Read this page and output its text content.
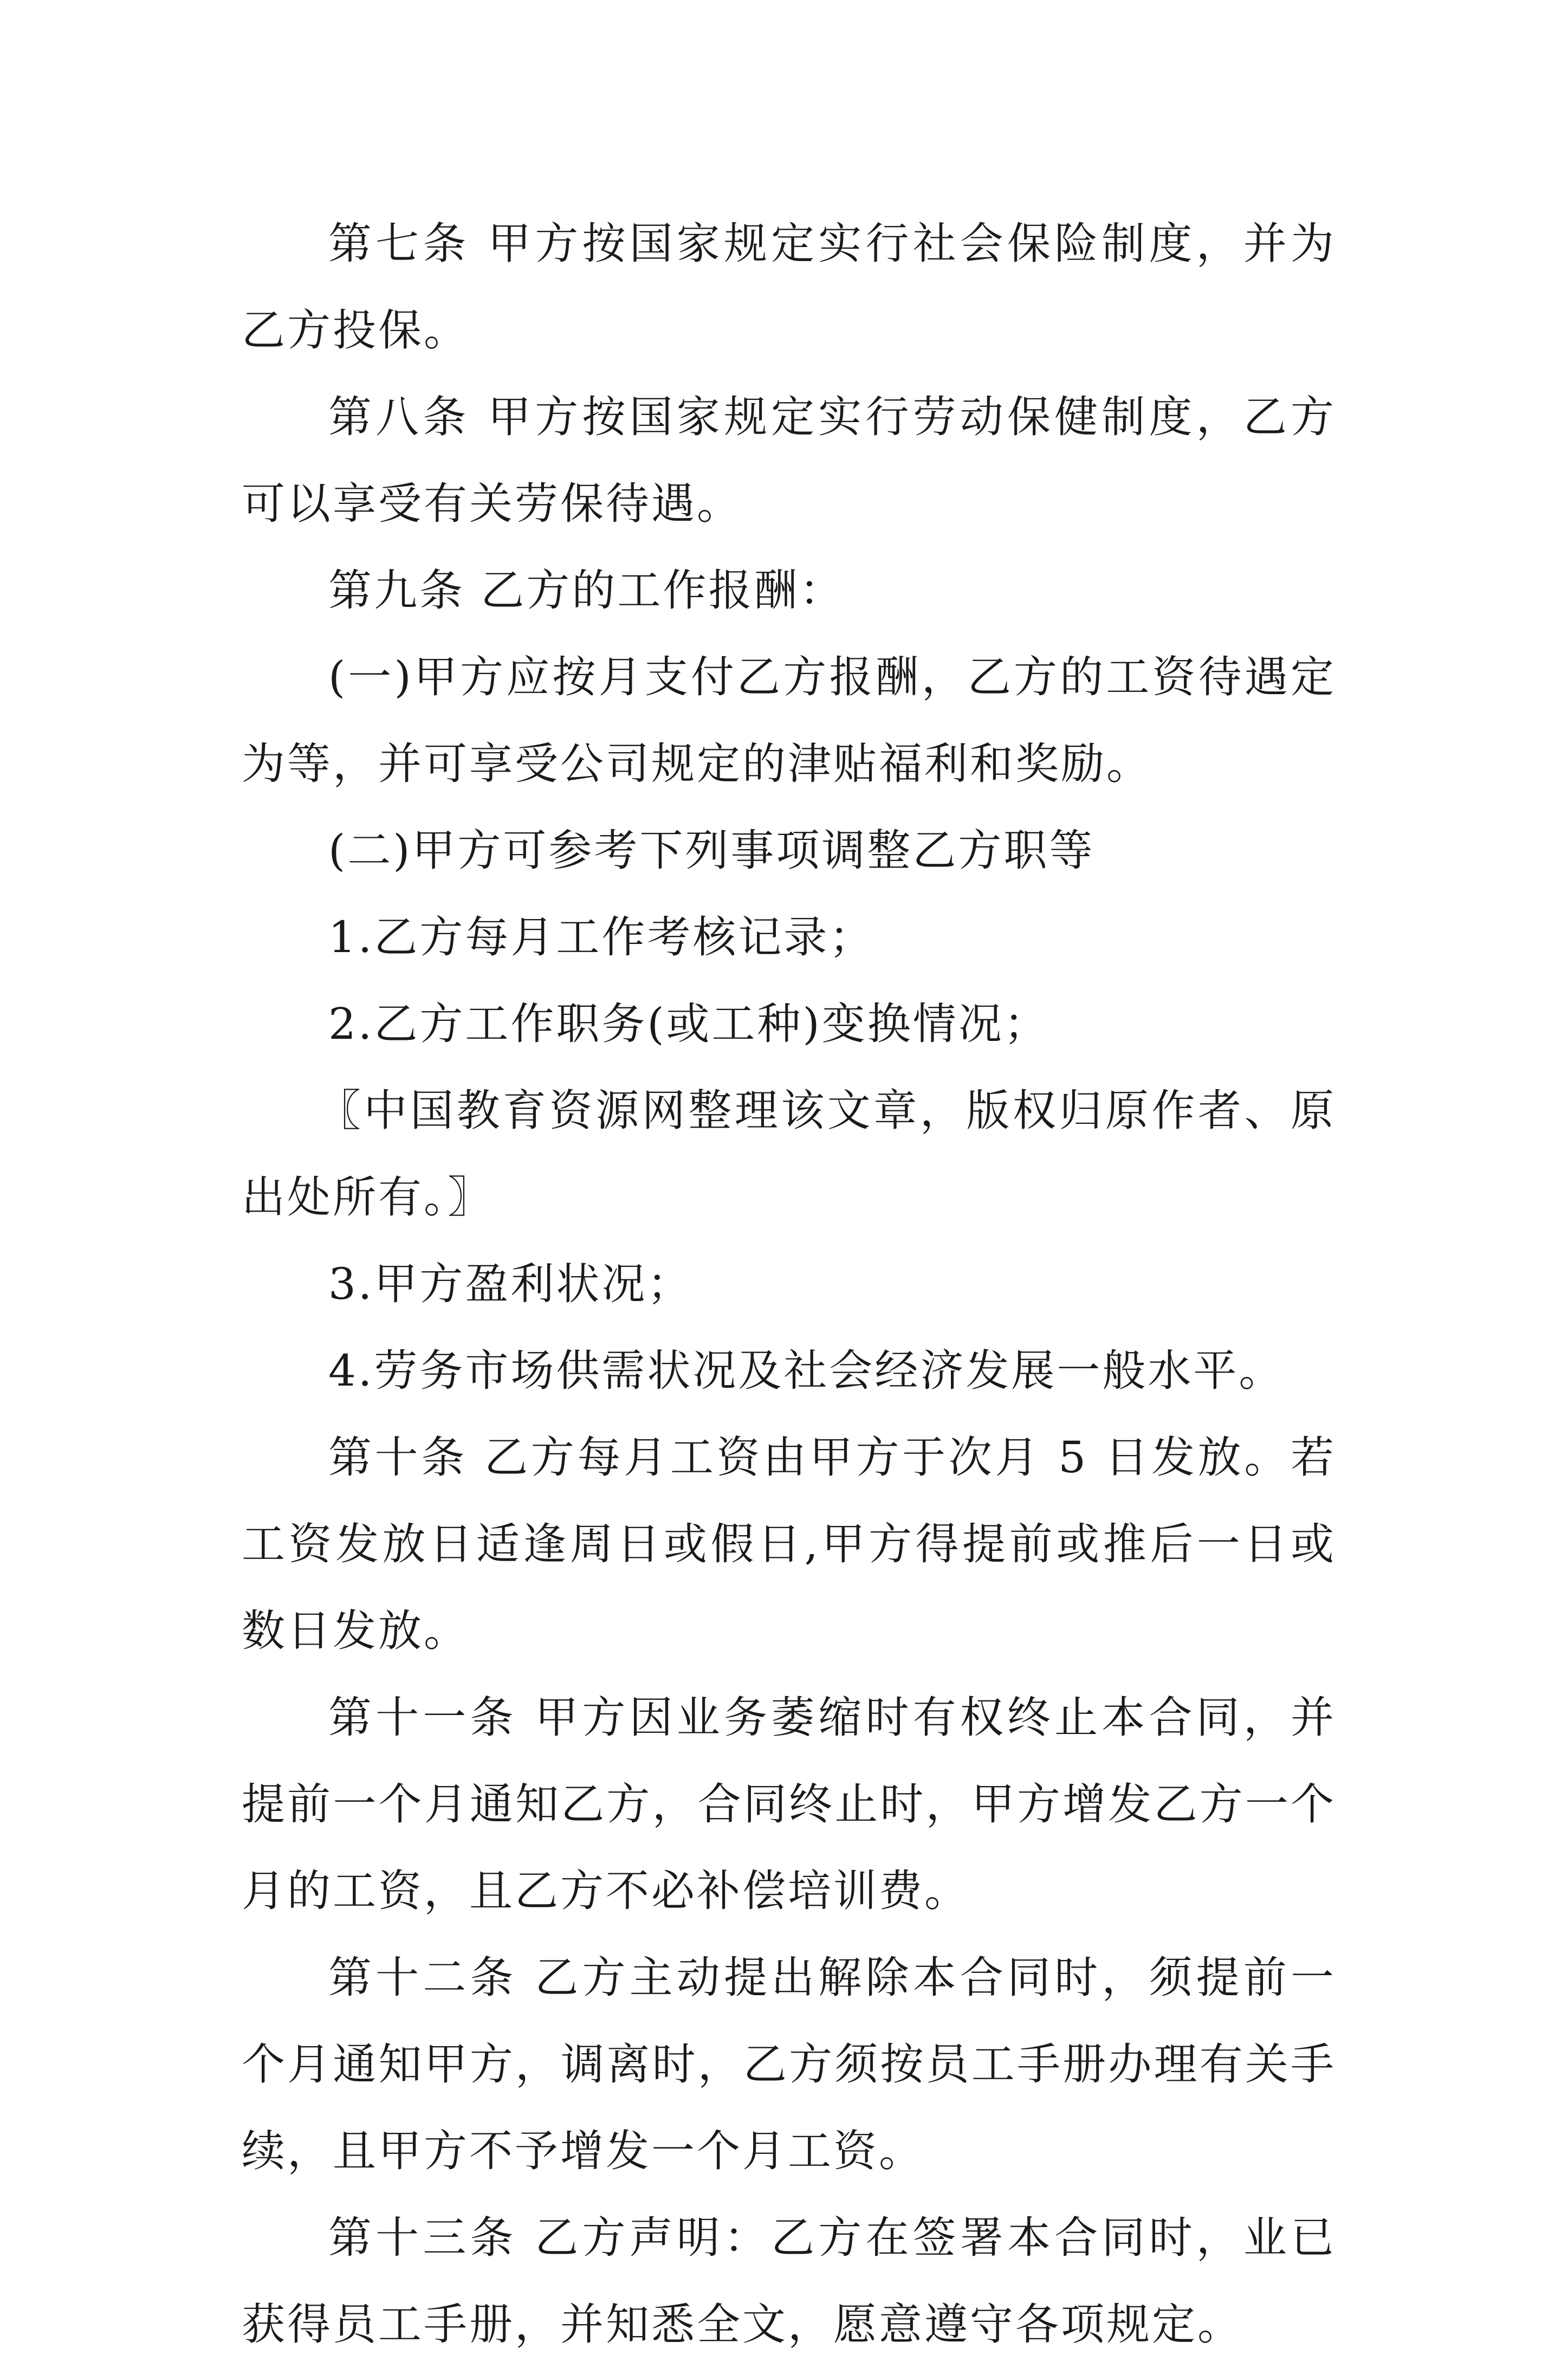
第七条 甲方按国家规定实行社会保险制度，并为乙方投保。

第八条 甲方按国家规定实行劳动保健制度，乙方可以享受有关劳保待遇。

第九条 乙方的工作报酬：

(一)甲方应按月支付乙方报酬，乙方的工资待遇定为等，并可享受公司规定的津贴福利和奖励。

(二)甲方可参考下列事项调整乙方职等

1.乙方每月工作考核记录；

2.乙方工作职务(或工种)变换情况；

〖中国教育资源网整理该文章，版权归原作者、原出处所有。〗

3.甲方盈利状况；

4.劳务市场供需状况及社会经济发展一般水平。

第十条 乙方每月工资由甲方于次月 5 日发放。若工资发放日适逢周日或假日,甲方得提前或推后一日或数日发放。

第十一条 甲方因业务萎缩时有权终止本合同，并提前一个月通知乙方，合同终止时，甲方增发乙方一个月的工资，且乙方不必补偿培训费。

第十二条 乙方主动提出解除本合同时，须提前一个月通知甲方，调离时，乙方须按员工手册办理有关手续，且甲方不予增发一个月工资。

第十三条 乙方声明：乙方在签署本合同时，业已获得员工手册，并知悉全文，愿意遵守各项规定。
